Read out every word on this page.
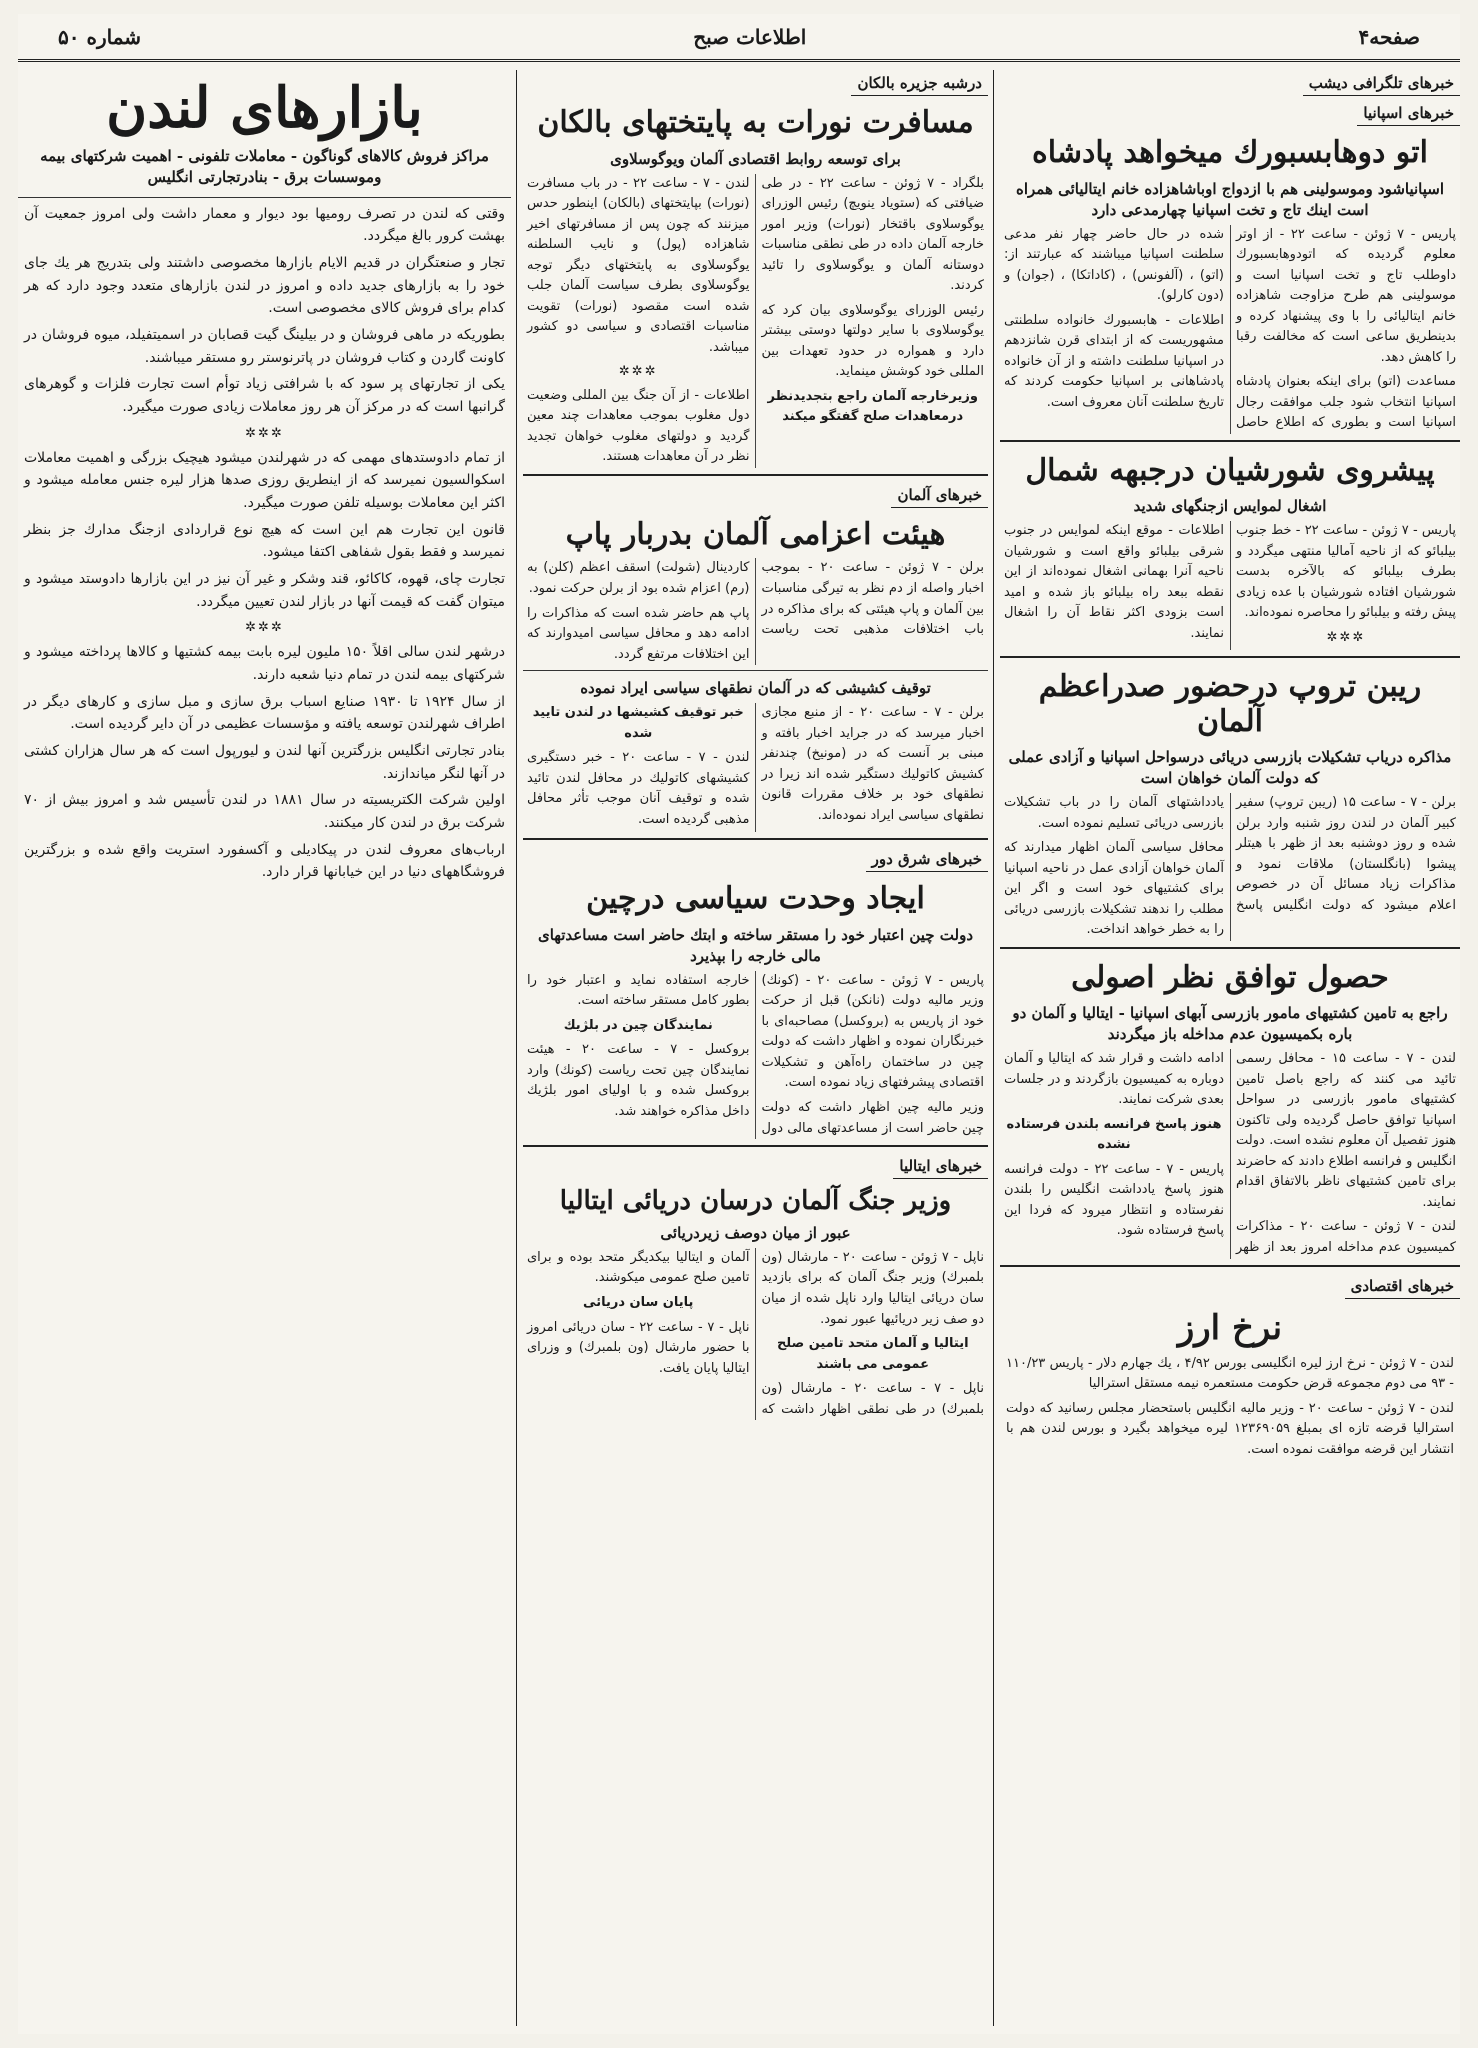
صفحه۴
اطلاعات صبح
شماره ۵۰
خبرهای تلگرافی دیشب
خبرهای اسپانیا
اتو دوهابسبورك ميخواهد پادشاه
اسپانیاشود وموسولینی هم با ازدواج اوباشاهزاده خانم ایتالیائی همراه است اینك تاج و تخت اسپانیا چهارمدعی دارد

پاریس - ۷ ژوئن - ساعت ۲۲ - از اوتر معلوم گردیده که اتودوهابسبورك داوطلب تاج و تخت اسپانیا است و موسولینی هم طرح مزاوجت شاهزاده خانم ایتالیائی را با وی پیشنهاد کرده و بدینطریق ساعی است که مخالفت رقبا را کاهش دهد.

مساعدت (اتو) برای اینکه بعنوان پادشاه اسپانیا انتخاب شود جلب موافقت رجال اسپانیا است و بطوری که اطلاع حاصل شده در حال حاضر چهار نفر مدعی سلطنت اسپانیا میباشند که عبارتند از: (اتو) ، (آلفونس) ، (کاداتکا) ، (جوان) و (دون کارلو).

اطلاعات - هابسبورك خانواده سلطنتی مشهوریست که از ابتدای قرن شانزدهم در اسپانیا سلطنت داشته و از آن خانواده پادشاهانی بر اسپانیا حکومت کردند که تاریخ سلطنت آنان معروف است.

پیشروی شورشیان درجبهه شمال
اشغال لموایس ازجنگهای شدید

پاریس - ۷ ژوئن - ساعت ۲۲ - خط جنوب بیلبائو که از ناحیه آمالیا منتهی میگردد و بطرف بیلبائو که بالآخره بدست شورشیان افتاده شورشیان با عده زیادی پیش رفته و بیلبائو را محاصره نموده‌اند.

✲✲✲

اطلاعات - موقع اینکه لموایس در جنوب شرقی بیلبائو واقع است و شورشیان ناحیه آنرا بهمانی اشغال نموده‌اند از این نقطه ببعد راه بیلبائو باز شده و امید است بزودی اکثر نقاط آن را اشغال نمایند.

ریبن تروپ درحضور صدراعظم آلمان
مذاکره دریاب تشکیلات بازرسی دریائی درسواحل اسپانیا و آزادی عملی که دولت آلمان خواهان است

برلن - ۷ - ساعت ۱۵ (ریبن تروپ) سفیر کبیر آلمان در لندن روز شنبه وارد برلن شده و روز دوشنبه بعد از ظهر با هیتلر پیشوا (بانگلستان) ملاقات نمود و مذاکرات زیاد مسائل آن در خصوص اعلام میشود که دولت انگلیس پاسخ یادداشتهای آلمان را در باب تشکیلات بازرسی دریائی تسلیم نموده است.

محافل سیاسی آلمان اظهار میدارند که آلمان خواهان آزادی عمل در ناحیه اسپانیا برای کشتیهای خود است و اگر این مطلب را ندهند تشکیلات بازرسی دریائی را به خطر خواهد انداخت.

حصول توافق نظر اصولی
راجع به تامین کشتیهای مامور بازرسی آبهای اسپانیا - ایتالیا و آلمان دو باره بکمیسیون عدم مداخله باز میگردند

لندن - ۷ - ساعت ۱۵ - محافل رسمی تائید می کنند که راجع باصل تامین کشتیهای مامور بازرسی در سواحل اسپانیا توافق حاصل گردیده ولی تاکنون هنوز تفصیل آن معلوم نشده است. دولت انگلیس و فرانسه اطلاع دادند که حاضرند برای تامین کشتیهای ناظر بالاتفاق اقدام نمایند.

لندن - ۷ ژوئن - ساعت ۲۰ - مذاکرات کمیسیون عدم مداخله امروز بعد از ظهر ادامه داشت و قرار شد که ایتالیا و آلمان دوباره به کمیسیون بازگردند و در جلسات بعدی شرکت نمایند.

هنوز پاسخ فرانسه بلندن فرستاده نشده

پاریس - ۷ - ساعت ۲۲ - دولت فرانسه هنوز پاسخ یادداشت انگلیس را بلندن نفرستاده و انتظار میرود که فردا این پاسخ فرستاده شود.

خبرهای اقتصادی
نرخ ارز

لندن - ۷ ژوئن - نرخ ارز لیره انگلیسی بورس ۴/۹۲ ، یك جهارم دلار - پاریس ۱۱۰/۲۳ - ۹۳ می دوم مجموعه قرض حکومت مستعمره نیمه مستقل استرالیا

لندن - ۷ ژوئن - ساعت ۲۰ - وزیر مالیه انگلیس باستحضار مجلس رسانید که دولت استرالیا قرضه تازه ای بمبلغ ۱۲۳۶۹۰۵۹ لیره میخواهد بگیرد و بورس لندن هم با انتشار این قرضه موافقت نموده است.

درشبه جزیره بالکان
مسافرت نورات به پایتختهای بالکان
برای توسعه روابط اقتصادی آلمان ویوگوسلاوی

بلگراد - ۷ ژوئن - ساعت ۲۲ - در طی ضیافتی که (ستویاد ینویچ) رئیس الوزرای یوگوسلاوی باقتخار (نورات) وزیر امور خارجه آلمان داده در طی نطقی مناسبات دوستانه آلمان و یوگوسلاوی را تائید کردند.

رئیس الوزرای یوگوسلاوی بیان کرد که یوگوسلاوی با سایر دولتها دوستی بیشتر دارد و همواره در حدود تعهدات بین المللی خود کوشش مینماید.

وزیرخارجه آلمان راجع بتجدیدنظر درمعاهدات صلح گفتگو میکند

لندن - ۷ - ساعت ۲۲ - در باب مسافرت (نورات) بپایتختهای (بالکان) اینطور حدس میزنند که چون پس از مسافرتهای اخیر شاهزاده (پول) و نایب السلطنه یوگوسلاوی به پایتختهای دیگر توجه یوگوسلاوی بطرف سیاست آلمان جلب شده است مقصود (نورات) تقویت مناسبات اقتصادی و سیاسی دو کشور میباشد.

✲✲✲

اطلاعات - از آن جنگ بین المللی وضعیت دول مغلوب بموجب معاهدات چند معین گردید و دولتهای مغلوب خواهان تجدید نظر در آن معاهدات هستند.

خبرهای آلمان
هیئت اعزامی آلمان بدربار پاپ

برلن - ۷ ژوئن - ساعت ۲۰ - بموجب اخبار واصله از دم نظر به تیرگی مناسبات بین آلمان و پاپ هیئتی که برای مذاکره در باب اختلافات مذهبی تحت ریاست کاردینال (شولت) اسقف اعظم (کلن) به (رم) اعزام شده بود از برلن حرکت نمود.

پاپ هم حاضر شده است که مذاکرات را ادامه دهد و محافل سیاسی امیدوارند که این اختلافات مرتفع گردد.

توقیف کشیشی که در آلمان نطقهای سیاسی ایراد نموده

برلن - ۷ - ساعت ۲۰ - از منبع مجازی اخبار میرسد که در جراید اخبار بافته و مبنی بر آنست که در (مونیخ) چندنفر کشیش کاتولیك دستگیر شده اند زیرا در نطقهای خود بر خلاف مقررات قانون نطقهای سیاسی ایراد نموده‌اند.

خبر توقیف کشیشها در لندن تایید شده

لندن - ۷ - ساعت ۲۰ - خبر دستگیری کشیشهای کاتولیك در محافل لندن تائید شده و توقیف آنان موجب تأثر محافل مذهبی گردیده است.

خبرهای شرق دور
ایجاد وحدت سیاسی درچین
دولت چین اعتبار خود را مستقر ساخته و ابتك حاضر است مساعدتهای مالی خارجه را بپذیرد

پاریس - ۷ ژوئن - ساعت ۲۰ - (کونك) وزیر مالیه دولت (نانکن) قبل از حرکت خود از پاریس به (بروکسل) مصاحبه‌ای با خبرنگاران نموده و اظهار داشت که دولت چین در ساختمان راه‌آهن و تشکیلات اقتصادی پیشرفتهای زیاد نموده است.

وزیر مالیه چین اظهار داشت که دولت چین حاضر است از مساعدتهای مالی دول خارجه استفاده نماید و اعتبار خود را بطور کامل مستقر ساخته است.

نمایندگان چین در بلژیك

بروکسل - ۷ - ساعت ۲۰ - هیئت نمایندگان چین تحت ریاست (کونك) وارد بروکسل شده و با اولیای امور بلژیك داخل مذاکره خواهند شد.

خبرهای ایتالیا
وزیر جنگ آلمان درسان دریائی ایتالیا
عبور از میان دوصف زیردریائی

ناپل - ۷ ژوئن - ساعت ۲۰ - مارشال (ون بلمبرك) وزیر جنگ آلمان که برای بازدید سان دریائی ایتالیا وارد ناپل شده از میان دو صف زیر دریائیها عبور نمود.

ایتالیا و آلمان متحد تامین صلح عمومی می باشند

ناپل - ۷ - ساعت ۲۰ - مارشال (ون بلمبرك) در طی نطقی اظهار داشت که آلمان و ایتالیا بیکدیگر متحد بوده و برای تامین صلح عمومی میکوشند.

پایان سان دریائی

ناپل - ۷ - ساعت ۲۲ - سان دریائی امروز با حضور مارشال (ون بلمبرك) و وزرای ایتالیا پایان یافت.

بازارهای لندن
مراکز فروش کالاهای گوناگون - معاملات تلفونی - اهمیت شرکتهای بیمه وموسسات برق - بنادرتجارتی انگلیس

وقتی که لندن در تصرف رومیها بود دیوار و معمار داشت ولی امروز جمعیت آن بهشت کرور بالغ میگردد.

تجار و صنعتگران در قدیم الایام بازارها مخصوصی داشتند ولی بتدریج هر یك جای خود را به بازارهای جدید داده و امروز در لندن بازارهای متعدد وجود دارد که هر کدام برای فروش کالای مخصوصی است.

بطوریکه در ماهی فروشان و در بیلینگ گیت قصابان در اسمیتفیلد، میوه فروشان در کاونت گاردن و کتاب فروشان در پاترنوستر رو مستقر میباشند.

یکی از تجارتهای پر سود که با شرافتی زیاد توأم است تجارت فلزات و گوهرهای گرانبها است که در مرکز آن هر روز معاملات زیادی صورت میگیرد.

✲✲✲

از تمام دادوستدهای مهمی که در شهرلندن میشود هیچیک بزرگی و اهمیت معاملات اسکوالسیون نمیرسد که از اینطریق روزی صدها هزار لیره جنس معامله میشود و اکثر این معاملات بوسیله تلفن صورت میگیرد.

قانون این تجارت هم این است که هیچ نوع قراردادی ازجنگ مدارك جز بنظر نمیرسد و فقط بقول شفاهی اکتفا میشود.

تجارت چای، قهوه، کاکائو، قند وشکر و غیر آن نیز در این بازارها دادوستد میشود و میتوان گفت که قیمت آنها در بازار لندن تعیین میگردد.

✲✲✲

درشهر لندن سالی اقلاً ۱۵۰ ملیون لیره بابت بیمه کشتیها و کالاها پرداخته میشود و شرکتهای بیمه لندن در تمام دنیا شعبه دارند.

از سال ۱۹۲۴ تا ۱۹۳۰ صنایع اسباب برق سازی و مبل سازی و کارهای دیگر در اطراف شهرلندن توسعه یافته و مؤسسات عظیمی در آن دایر گردیده است.

بنادر تجارتی انگلیس بزرگترین آنها لندن و لیورپول است که هر سال هزاران کشتی در آنها لنگر میاندازند.

اولین شرکت الکتریسیته در سال ۱۸۸۱ در لندن تأسیس شد و امروز بیش از ۷۰ شرکت برق در لندن کار میکنند.

ارباب‌های معروف لندن در پیکادیلی و آکسفورد استریت واقع شده و بزرگترین فروشگاههای دنیا در این خیابانها قرار دارد.
